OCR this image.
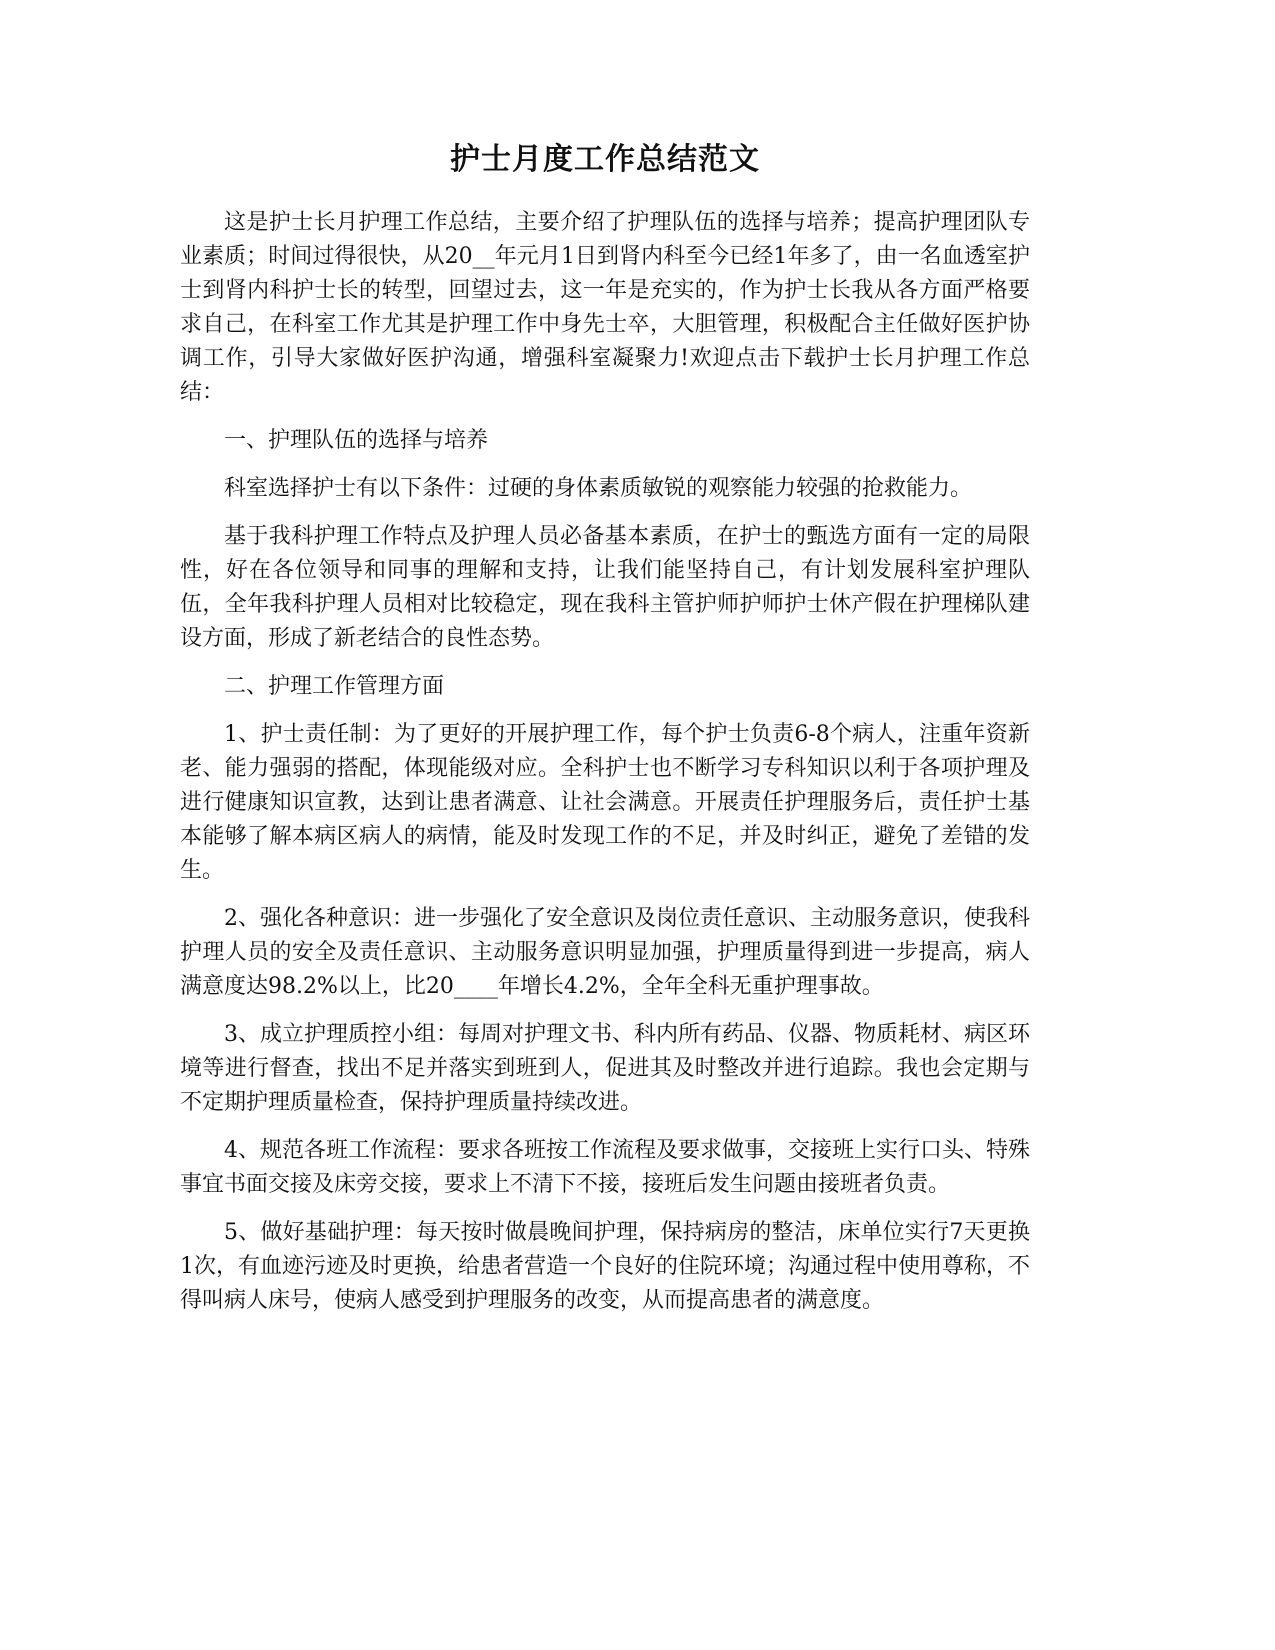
护士月度工作总结范文

这是护士长月护理工作总结，主要介绍了护理队伍的选择与培养；提高护理团队专业素质；时间过得很快，从20__年元月1日到肾内科至今已经1年多了，由一名血透室护士到肾内科护士长的转型，回望过去，这一年是充实的，作为护士长我从各方面严格要求自己，在科室工作尤其是护理工作中身先士卒，大胆管理，积极配合主任做好医护协调工作，引导大家做好医护沟通，增强科室凝聚力!欢迎点击下载护士长月护理工作总结：

一、护理队伍的选择与培养

科室选择护士有以下条件：过硬的身体素质敏锐的观察能力较强的抢救能力。

基于我科护理工作特点及护理人员必备基本素质，在护士的甄选方面有一定的局限性，好在各位领导和同事的理解和支持，让我们能坚持自己，有计划发展科室护理队伍，全年我科护理人员相对比较稳定，现在我科主管护师护师护士休产假在护理梯队建设方面，形成了新老结合的良性态势。

二、护理工作管理方面

1、护士责任制：为了更好的开展护理工作，每个护士负责6-8个病人，注重年资新老、能力强弱的搭配，体现能级对应。全科护士也不断学习专科知识以利于各项护理及进行健康知识宣教，达到让患者满意、让社会满意。开展责任护理服务后，责任护士基本能够了解本病区病人的病情，能及时发现工作的不足，并及时纠正，避免了差错的发生。

2、强化各种意识：进一步强化了安全意识及岗位责任意识、主动服务意识，使我科护理人员的安全及责任意识、主动服务意识明显加强，护理质量得到进一步提高，病人满意度达98.2%以上，比20____年增长4.2%，全年全科无重护理事故。

3、成立护理质控小组：每周对护理文书、科内所有药品、仪器、物质耗材、病区环境等进行督查，找出不足并落实到班到人，促进其及时整改并进行追踪。我也会定期与不定期护理质量检查，保持护理质量持续改进。

4、规范各班工作流程：要求各班按工作流程及要求做事，交接班上实行口头、特殊事宜书面交接及床旁交接，要求上不清下不接，接班后发生问题由接班者负责。

5、做好基础护理：每天按时做晨晚间护理，保持病房的整洁，床单位实行7天更换1次，有血迹污迹及时更换，给患者营造一个良好的住院环境；沟通过程中使用尊称，不得叫病人床号，使病人感受到护理服务的改变，从而提高患者的满意度。
